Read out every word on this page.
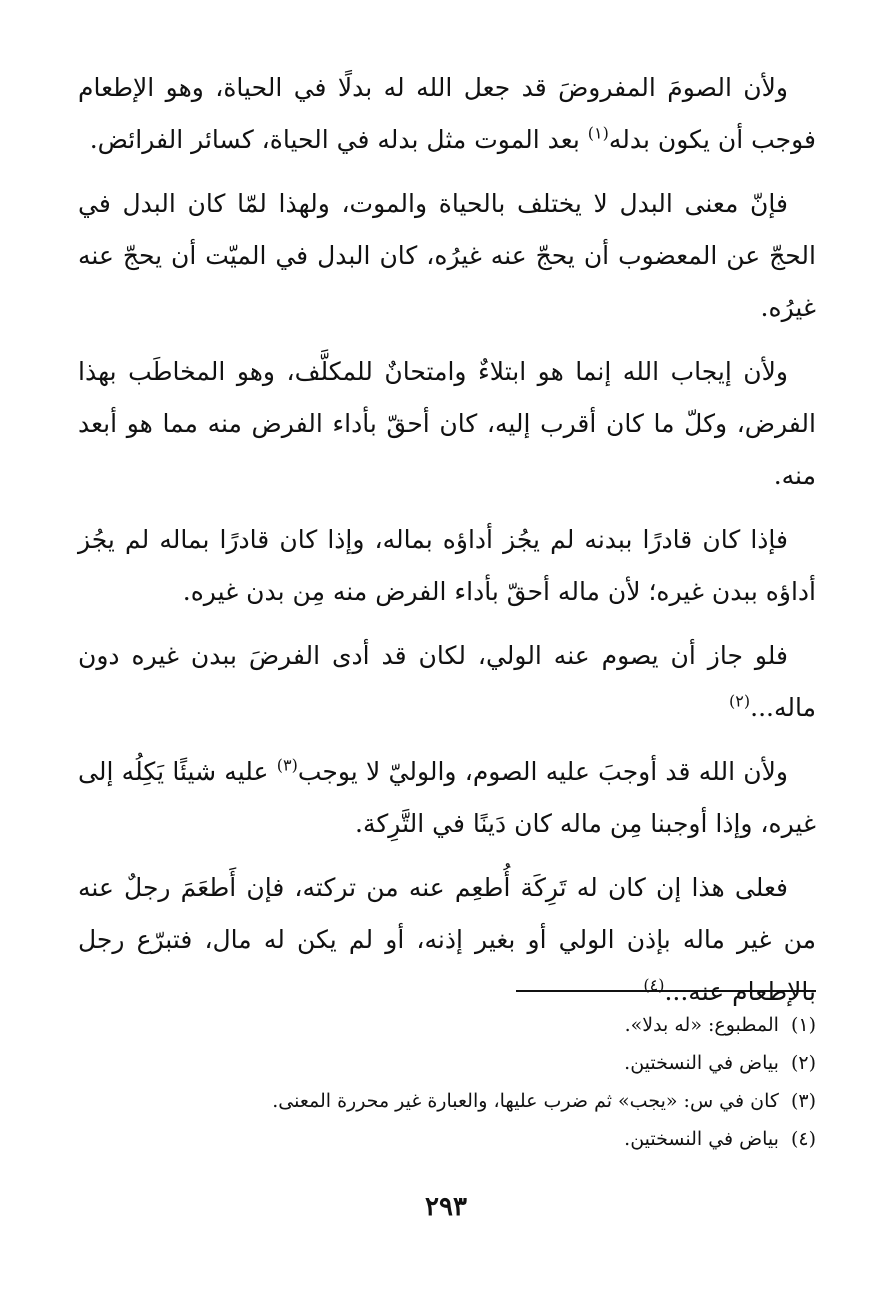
ولأن الصومَ المفروضَ قد جعل الله له بدلًا في الحياة، وهو الإطعام فوجب أن يكون بدله$^{(١)}$ بعد الموت مثل بدله في الحياة، كسائر الفرائض.

فإنّ معنى البدل لا يختلف بالحياة والموت، ولهذا لمّا كان البدل في الحجّ عن المعضوب أن يحجّ عنه غيرُه، كان البدل في الميّت أن يحجّ عنه غيرُه.

ولأن إيجاب الله إنما هو ابتلاءٌ وامتحانٌ للمكلَّف، وهو المخاطَب بهذا الفرض، وكلّ ما كان أقرب إليه، كان أحقّ بأداء الفرض منه مما هو أبعد منه.

فإذا كان قادرًا ببدنه لم يجُز أداؤه بماله، وإذا كان قادرًا بماله لم يجُز أداؤه ببدن غيره؛ لأن ماله أحقّ بأداء الفرض منه مِن بدن غيره.

فلو جاز أن يصوم عنه الولي، لكان قد أدى الفرضَ ببدن غيره دون ماله...$^{(٢)}$

ولأن الله قد أوجبَ عليه الصوم، والوليّ لا يوجب$^{(٣)}$ عليه شيئًا يَكِلُه إلى غيره، وإذا أوجبنا مِن ماله كان دَينًا في التَّرِكة.

فعلى هذا إن كان له تَرِكَة أُطعِم عنه من تركته، فإن أَطعَمَ رجلٌ عنه من غير ماله بإذن الولي أو بغير إذنه، أو لم يكن له مال، فتبرّع رجل بالإطعام عنه...$^{(٤)}$

(١)المطبوع: «له بدلا».

(٢)بياض في النسختين.

(٣)كان في س: «يجب» ثم ضرب عليها، والعبارة غير محررة المعنى.

(٤)بياض في النسختين.

٢٩٣
